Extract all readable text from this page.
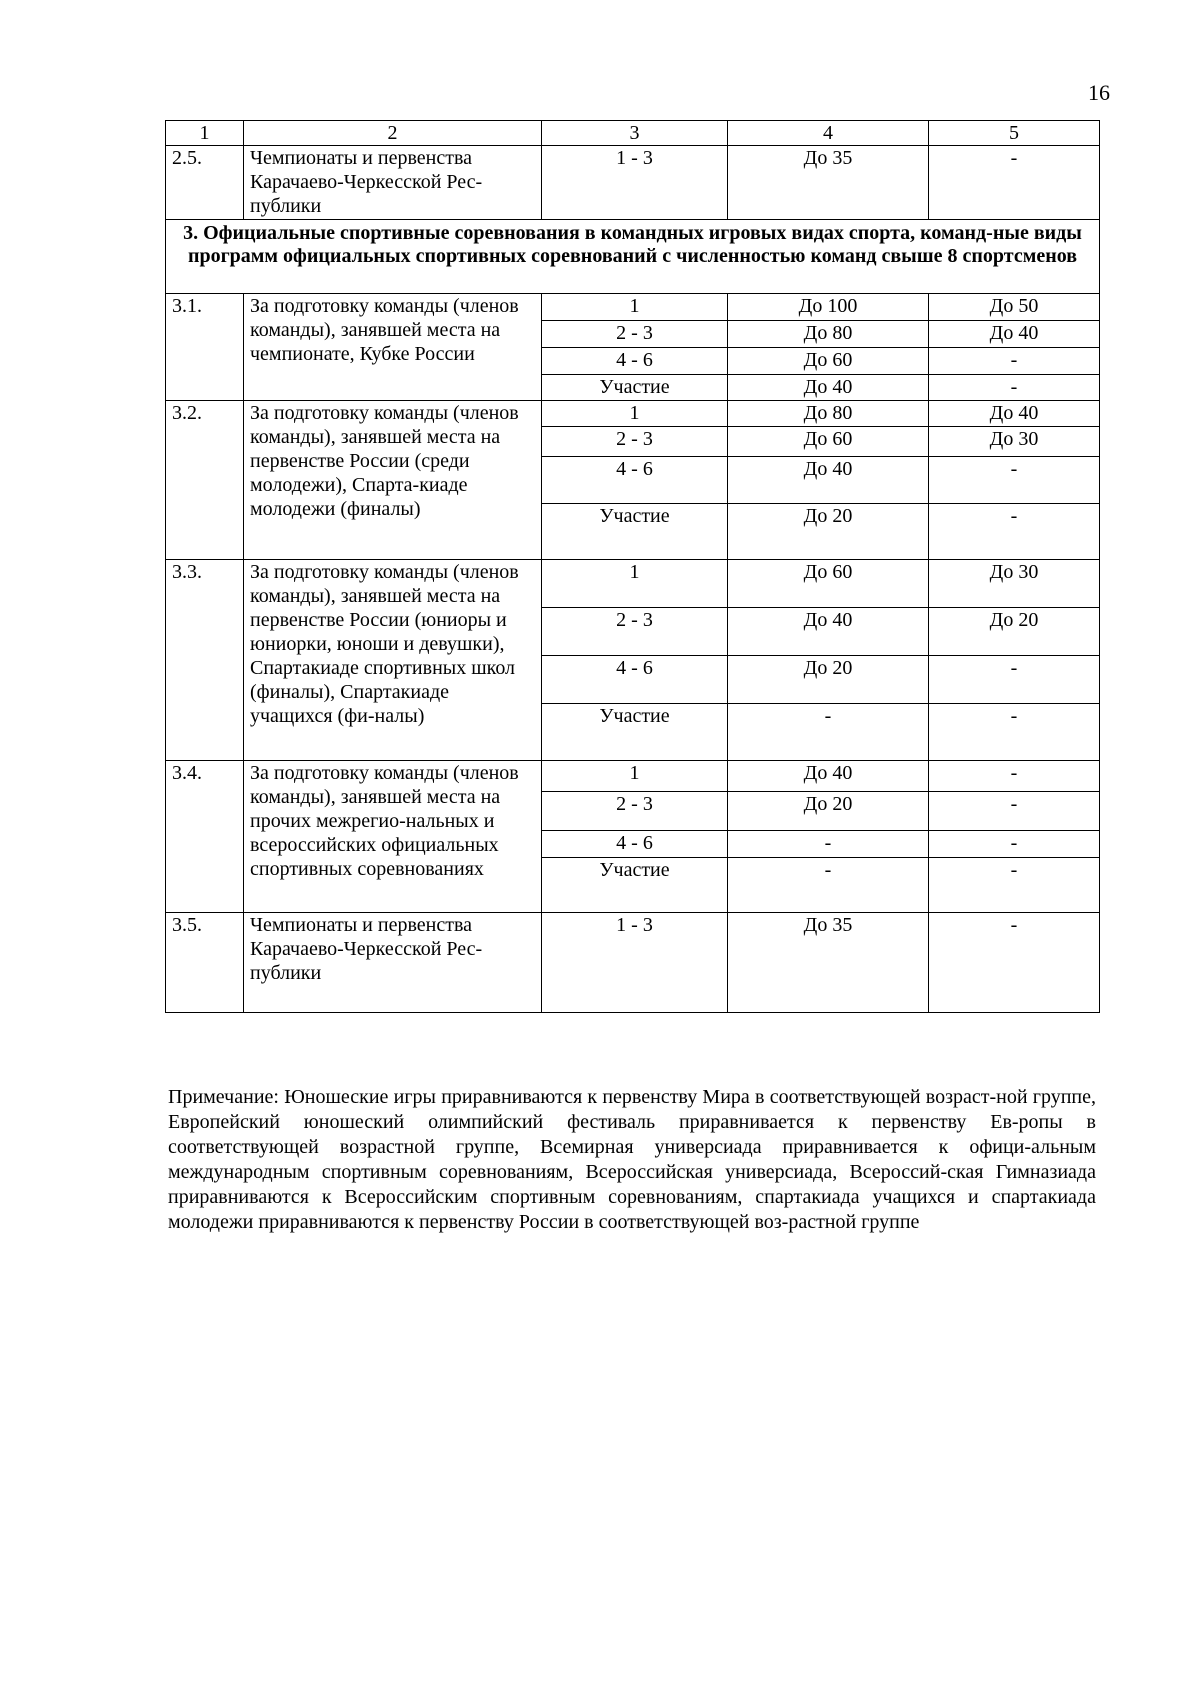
16
1	2	3	4	5
2.5.	Чемпионаты и первенства Карачаево-Черкесской Рес-публики	1 - 3	До 35	-
3. Официальные спортивные соревнования в командных игровых видах спорта, команд-ные виды программ официальных спортивных соревнований с численностью команд свыше 8 спортсменов				
3.1.	За подготовку команды (членов команды), занявшей места на чемпионате, Кубке России	1	До 100	До 50
		2 - 3	До 80	До 40
		4 - 6	До 60	-
		Участие	До 40	-
3.2.	За подготовку команды (членов команды), занявшей места на первенстве России (среди молодежи), Спарта-киаде молодежи (финалы)	1	До 80	До 40
		2 - 3	До 60	До 30
		4 - 6	До 40	-
		Участие	До 20	-
3.3.	За подготовку команды (членов команды), занявшей места на первенстве России (юниоры и юниорки, юноши и девушки), Спартакиаде спортивных школ (финалы), Спартакиаде учащихся (фи-налы)	1	До 60	До 30
		2 - 3	До 40	До 20
		4 - 6	До 20	-
		Участие	-	-
3.4.	За подготовку команды (членов команды), занявшей места на прочих межрегио-нальных и всероссийских официальных спортивных соревнованиях	1	До 40	-
		2 - 3	До 20	-
		4 - 6	-	-
		Участие	-	-
3.5.	Чемпионаты и первенства Карачаево-Черкесской Рес-публики	1 - 3	До 35	-
Примечание: Юношеские игры приравниваются к первенству Мира в соответствующей возраст-ной группе, Европейский юношеский олимпийский фестиваль приравнивается к первенству Ев-ропы в соответствующей возрастной группе, Всемирная универсиада приравнивается к офици-альным международным спортивным соревнованиям, Всероссийская универсиада, Всероссий-ская Гимназиада приравниваются к Всероссийским спортивным соревнованиям, спартакиада учащихся и спартакиада молодежи приравниваются к первенству России в соответствующей воз-растной группе
